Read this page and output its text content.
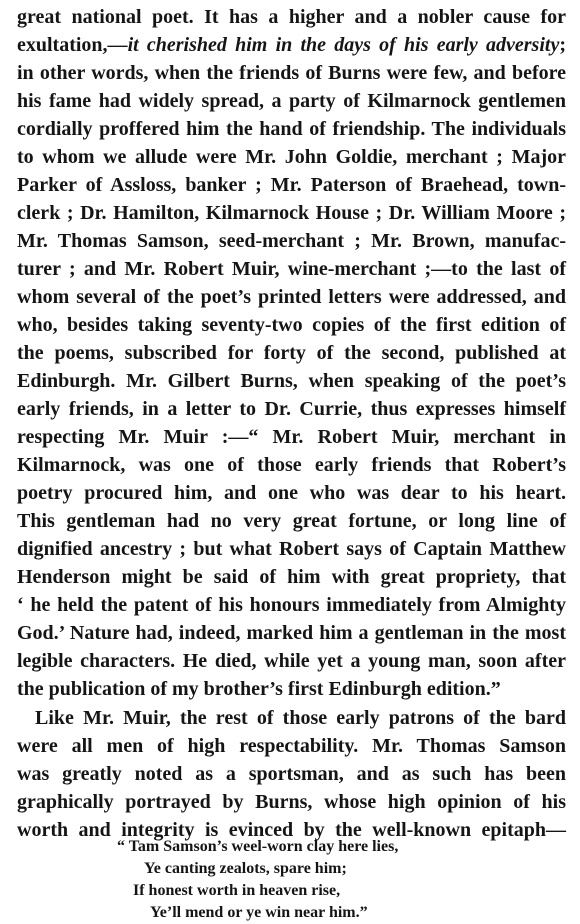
great national poet. It has a higher and a nobler cause for
exultation,—it cherished him in the days of his early adversity;
in other words, when the friends of Burns were few, and before
his fame had widely spread, a party of Kilmarnock gentlemen
cordially proffered him the hand of friendship. The individuals
to whom we allude were Mr. John Goldie, merchant ; Major
Parker of Assloss, banker ; Mr. Paterson of Braehead, town-
clerk ; Dr. Hamilton, Kilmarnock House ; Dr. William Moore ;
Mr. Thomas Samson, seed-merchant ; Mr. Brown, manufac-
turer ; and Mr. Robert Muir, wine-merchant ;—to the last of
whom several of the poet’s printed letters were addressed, and
who, besides taking seventy-two copies of the first edition of
the poems, subscribed for forty of the second, published at
Edinburgh. Mr. Gilbert Burns, when speaking of the poet’s
early friends, in a letter to Dr. Currie, thus expresses himself
respecting Mr. Muir :—“ Mr. Robert Muir, merchant in
Kilmarnock, was one of those early friends that Robert’s
poetry procured him, and one who was dear to his heart.
This gentleman had no very great fortune, or long line of
dignified ancestry ; but what Robert says of Captain Matthew
Henderson might be said of him with great propriety, that
‘ he held the patent of his honours immediately from Almighty
God.’ Nature had, indeed, marked him a gentleman in the most
legible characters. He died, while yet a young man, soon after
the publication of my brother’s first Edinburgh edition.”
Like Mr. Muir, the rest of those early patrons of the bard
were all men of high respectability. Mr. Thomas Samson
was greatly noted as a sportsman, and as such has been
graphically portrayed by Burns, whose high opinion of his
worth and integrity is evinced by the well-known epitaph—
“ Tam Samson’s weel-worn clay here lies,
Ye canting zealots, spare him;
If honest worth in heaven rise,
Ye’ll mend or ye win near him.”
